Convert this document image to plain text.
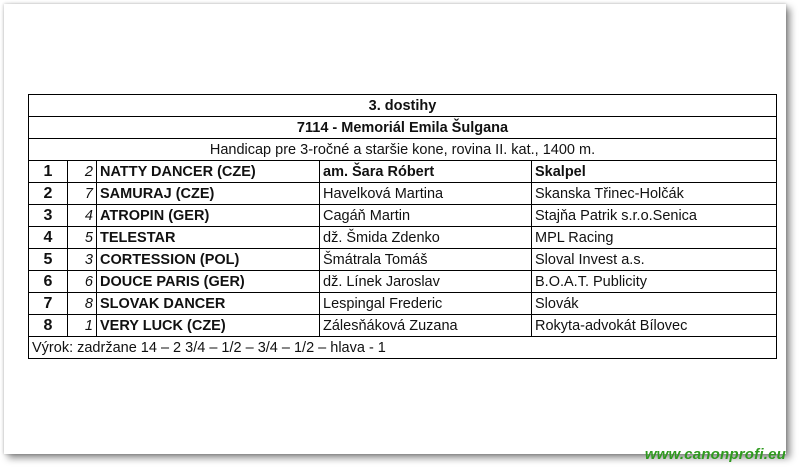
3. dostihy				
7114 - Memoriál Emila Šulgana				
Handicap pre 3-ročné a staršie kone, rovina II. kat., 1400 m.				
1	2	NATTY DANCER (CZE)	am. Šara Róbert	Skalpel
2	7	SAMURAJ (CZE)	Havelková Martina	Skanska Třinec-Holčák
3	4	ATROPIN (GER)	Cagáň Martin	Stajňa Patrik s.r.o.Senica
4	5	TELESTAR	dž. Šmida Zdenko	MPL Racing
5	3	CORTESSION (POL)	Šmátrala Tomáš	Sloval Invest a.s.
6	6	DOUCE PARIS (GER)	dž. Línek Jaroslav	B.O.A.T. Publicity
7	8	SLOVAK DANCER	Lespingal Frederic	Slovák
8	1	VERY LUCK (CZE)	Zálesňáková Zuzana	Rokyta-advokát Bílovec
Výrok: zadržane 14 – 2 3/4 – 1/2 – 3/4 – 1/2 – hlava - 1				
www.canonprofi.eu
